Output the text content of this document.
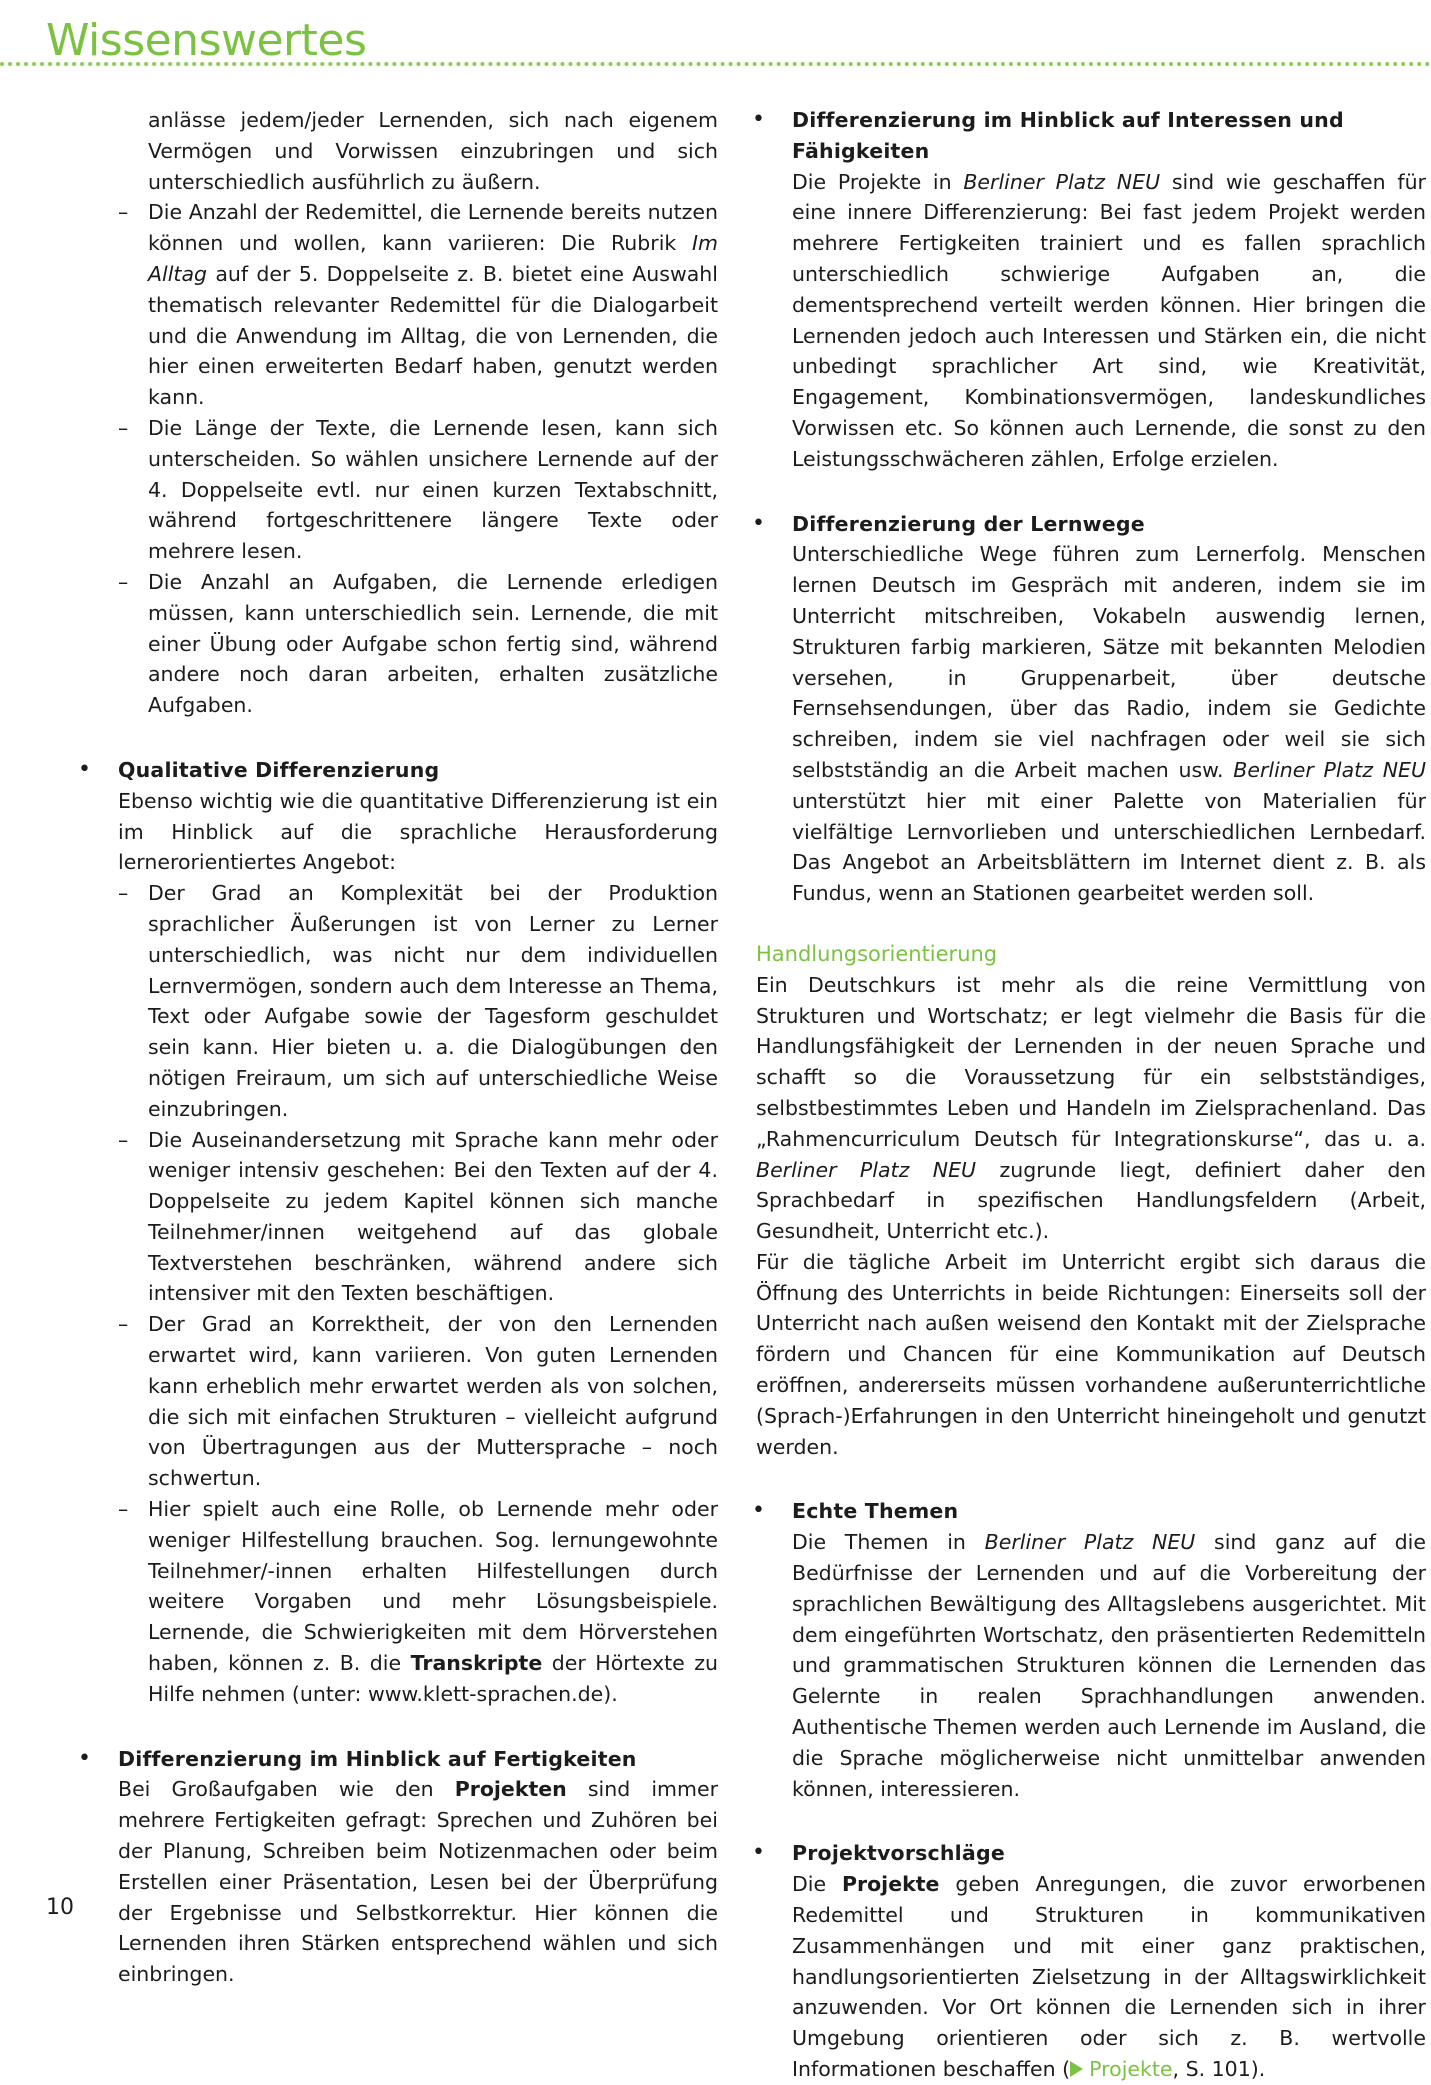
Wissenswertes

anlässe jedem/jeder Lernenden, sich nach eigenem Vermögen und Vorwissen einzubringen und sich unterschiedlich ausführlich zu äußern.

– Die Anzahl der Redemittel, die Lernende bereits nutzen können und wollen, kann variieren: Die Rubrik Im Alltag auf der 5. Doppelseite z. B. bietet eine Auswahl thematisch relevanter Redemittel für die Dialogarbeit und die Anwendung im Alltag, die von Lernenden, die hier einen erweiterten Bedarf haben, genutzt werden kann.

– Die Länge der Texte, die Lernende lesen, kann sich unterscheiden. So wählen unsichere Lernende auf der 4. Doppelseite evtl. nur einen kurzen Textabschnitt, während fortgeschrittenere längere Texte oder mehrere lesen.

– Die Anzahl an Aufgaben, die Lernende erledigen müssen, kann unterschiedlich sein. Lernende, die mit einer Übung oder Aufgabe schon fertig sind, während andere noch daran arbeiten, erhalten zusätzliche Aufgaben.

• Qualitative Differenzierung

Ebenso wichtig wie die quantitative Differenzierung ist ein im Hinblick auf die sprachliche Herausforderung lernerorientiertes Angebot:

– Der Grad an Komplexität bei der Produktion sprachlicher Äußerungen ist von Lerner zu Lerner unterschiedlich, was nicht nur dem individuellen Lernvermögen, sondern auch dem Interesse an Thema, Text oder Aufgabe sowie der Tagesform geschuldet sein kann. Hier bieten u. a. die Dialogübungen den nötigen Freiraum, um sich auf unterschiedliche Weise einzubringen.

– Die Auseinandersetzung mit Sprache kann mehr oder weniger intensiv geschehen: Bei den Texten auf der 4. Doppelseite zu jedem Kapitel können sich manche Teilnehmer/innen weitgehend auf das globale Textverstehen beschränken, während andere sich intensiver mit den Texten beschäftigen.

– Der Grad an Korrektheit, der von den Lernenden erwartet wird, kann variieren. Von guten Lernenden kann erheblich mehr erwartet werden als von solchen, die sich mit einfachen Strukturen – vielleicht aufgrund von Übertragungen aus der Muttersprache – noch schwertun.

– Hier spielt auch eine Rolle, ob Lernende mehr oder weniger Hilfestellung brauchen. Sog. lernungewohnte Teilnehmer/-innen erhalten Hilfestellungen durch weitere Vorgaben und mehr Lösungsbeispiele. Lernende, die Schwierigkeiten mit dem Hörverstehen haben, können z. B. die Transkripte der Hörtexte zu Hilfe nehmen (unter: www.klett-sprachen.de).

• Differenzierung im Hinblick auf Fertigkeiten

Bei Großaufgaben wie den Projekten sind immer mehrere Fertigkeiten gefragt: Sprechen und Zuhören bei der Planung, Schreiben beim Notizenmachen oder beim Erstellen einer Präsentation, Lesen bei der Überprüfung der Ergebnisse und Selbstkorrektur. Hier können die Lernenden ihren Stärken entsprechend wählen und sich einbringen.

• Differenzierung im Hinblick auf Interessen und Fähigkeiten

Die Projekte in Berliner Platz NEU sind wie geschaffen für eine innere Differenzierung: Bei fast jedem Projekt werden mehrere Fertigkeiten trainiert und es fallen sprachlich unterschiedlich schwierige Aufgaben an, die dementsprechend verteilt werden können. Hier bringen die Lernenden jedoch auch Interessen und Stärken ein, die nicht unbedingt sprachlicher Art sind, wie Kreativität, Engagement, Kombinationsvermögen, landeskundliches Vorwissen etc. So können auch Lernende, die sonst zu den Leistungsschwächeren zählen, Erfolge erzielen.

• Differenzierung der Lernwege

Unterschiedliche Wege führen zum Lernerfolg. Menschen lernen Deutsch im Gespräch mit anderen, indem sie im Unterricht mitschreiben, Vokabeln auswendig lernen, Strukturen farbig markieren, Sätze mit bekannten Melodien versehen, in Gruppenarbeit, über deutsche Fernsehsendungen, über das Radio, indem sie Gedichte schreiben, indem sie viel nachfragen oder weil sie sich selbstständig an die Arbeit machen usw. Berliner Platz NEU unterstützt hier mit einer Palette von Materialien für vielfältige Lernvorlieben und unterschiedlichen Lernbedarf. Das Angebot an Arbeitsblättern im Internet dient z. B. als Fundus, wenn an Stationen gearbeitet werden soll.

Handlungsorientierung

Ein Deutschkurs ist mehr als die reine Vermittlung von Strukturen und Wortschatz; er legt vielmehr die Basis für die Handlungsfähigkeit der Lernenden in der neuen Sprache und schafft so die Voraussetzung für ein selbstständiges, selbstbestimmtes Leben und Handeln im Zielsprachenland. Das „Rahmencurriculum Deutsch für Integrationskurse“, das u. a. Berliner Platz NEU zugrunde liegt, definiert daher den Sprachbedarf in spezifischen Handlungsfeldern (Arbeit, Gesundheit, Unterricht etc.).

Für die tägliche Arbeit im Unterricht ergibt sich daraus die Öffnung des Unterrichts in beide Richtungen: Einerseits soll der Unterricht nach außen weisend den Kontakt mit der Zielsprache fördern und Chancen für eine Kommunikation auf Deutsch eröffnen, andererseits müssen vorhandene außerunterrichtliche (Sprach-)Erfahrungen in den Unterricht hineingeholt und genutzt werden.

• Echte Themen

Die Themen in Berliner Platz NEU sind ganz auf die Bedürfnisse der Lernenden und auf die Vorbereitung der sprachlichen Bewältigung des Alltagslebens ausgerichtet. Mit dem eingeführten Wortschatz, den präsentierten Redemitteln und grammatischen Strukturen können die Lernenden das Gelernte in realen Sprachhandlungen anwenden. Authentische Themen werden auch Lernende im Ausland, die die Sprache möglicherweise nicht unmittelbar anwenden können, interessieren.

• Projektvorschläge

Die Projekte geben Anregungen, die zuvor erworbenen Redemittel und Strukturen in kommunikativen Zusammenhängen und mit einer ganz praktischen, handlungsorientierten Zielsetzung in der Alltagswirklichkeit anzuwenden. Vor Ort können die Lernenden sich in ihrer Umgebung orientieren oder sich z. B. wertvolle Informationen beschaffen ( Projekte, S. 101).

10
